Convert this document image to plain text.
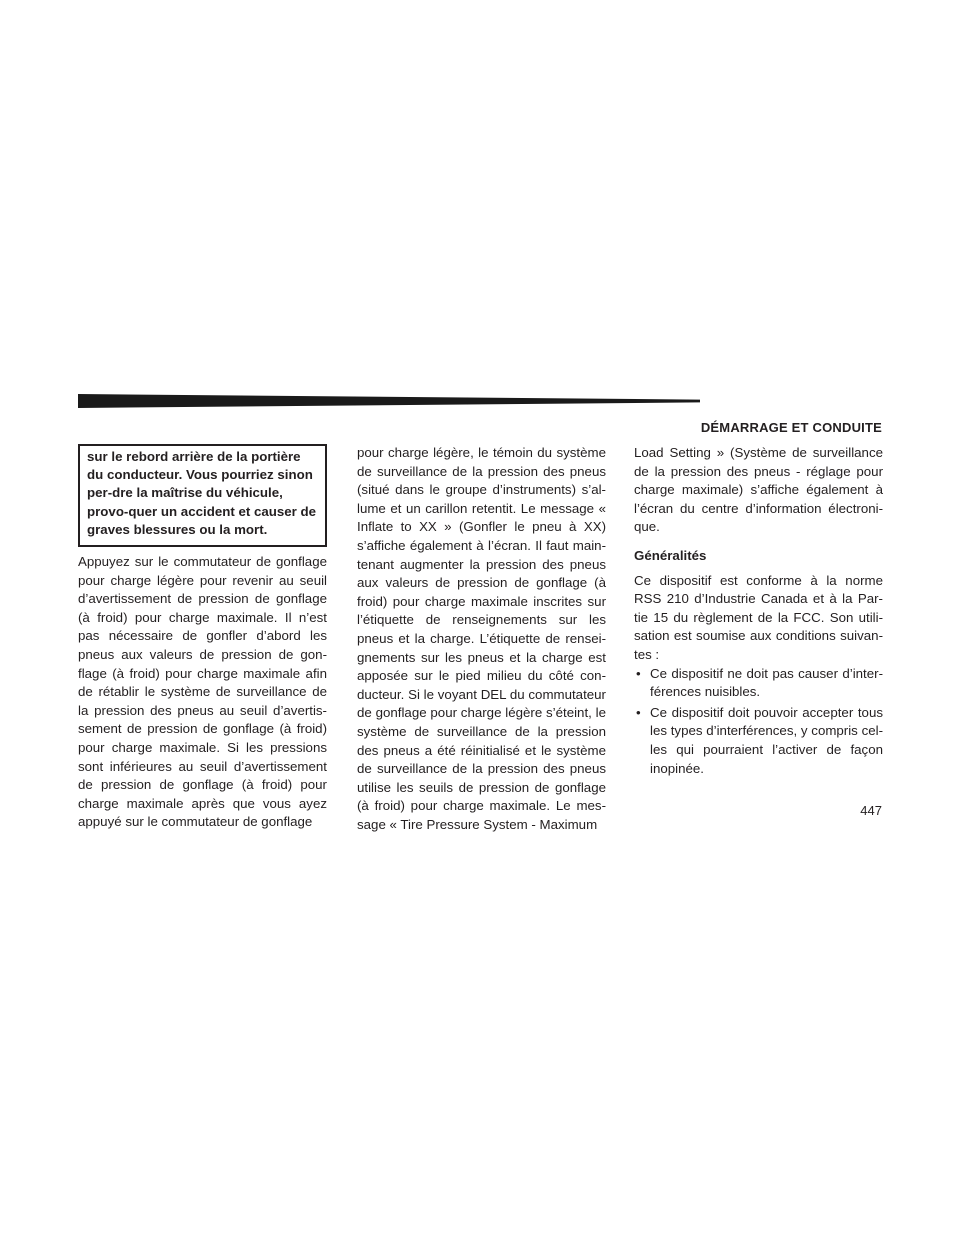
DÉMARRAGE ET CONDUITE
sur le rebord arrière de la portière du conducteur. Vous pourriez sinon per-dre la maîtrise du véhicule, provo-quer un accident et causer de graves blessures ou la mort.

Appuyez sur le commutateur de gonflage pour charge légère pour revenir au seuil d’avertissement de pression de gonflage (à froid) pour charge maximale. Il n’est pas nécessaire de gonfler d’abord les pneus aux valeurs de pression de gon-flage (à froid) pour charge maximale afin de rétablir le système de surveillance de la pression des pneus au seuil d’avertis-sement de pression de gonflage (à froid) pour charge maximale. Si les pressions sont inférieures au seuil d’avertissement de pression de gonflage (à froid) pour charge maximale après que vous ayez appuyé sur le commutateur de gonflage

pour charge légère, le témoin du système de surveillance de la pression des pneus (situé dans le groupe d’instruments) s’al-lume et un carillon retentit. Le message « Inflate to XX » (Gonfler le pneu à XX) s’affiche également à l’écran. Il faut main-tenant augmenter la pression des pneus aux valeurs de pression de gonflage (à froid) pour charge maximale inscrites sur l’étiquette de renseignements sur les pneus et la charge. L’étiquette de rensei-gnements sur les pneus et la charge est apposée sur le pied milieu du côté con-ducteur. Si le voyant DEL du commutateur de gonflage pour charge légère s’éteint, le système de surveillance de la pression des pneus a été réinitialisé et le système de surveillance de la pression des pneus utilise les seuils de pression de gonflage (à froid) pour charge maximale. Le mes-sage « Tire Pressure System - Maximum

Load Setting » (Système de surveillance de la pression des pneus - réglage pour charge maximale) s’affiche également à l’écran du centre d’information électroni-que.

Généralités

Ce dispositif est conforme à la norme RSS 210 d’Industrie Canada et à la Par-tie 15 du règlement de la FCC. Son utili-sation est soumise aux conditions suivan-tes :

• Ce dispositif ne doit pas causer d’inter-férences nuisibles.
• Ce dispositif doit pouvoir accepter tous les types d’interférences, y compris cel-les qui pourraient l’activer de façon inopinée.
447
